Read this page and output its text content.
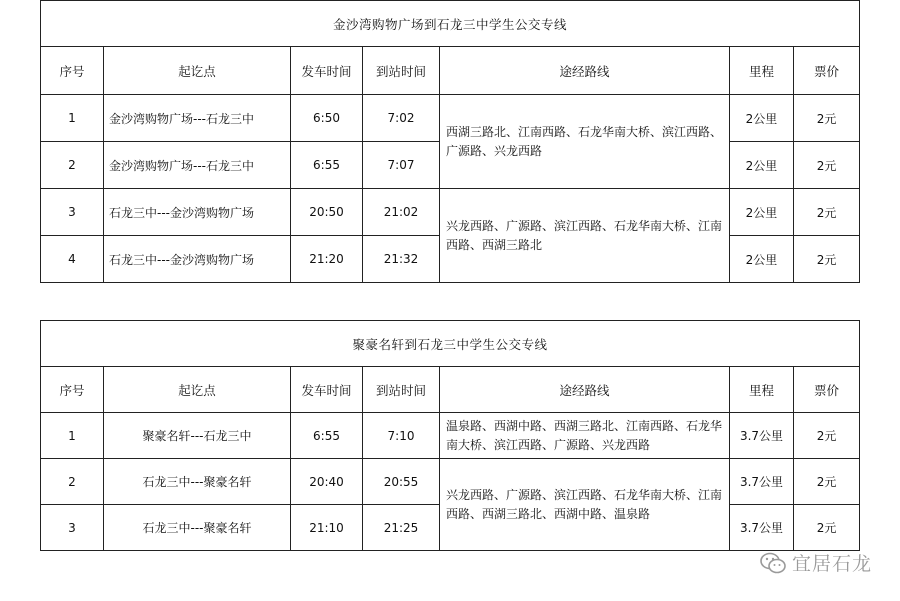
金沙湾购物广场到石龙三中学生公交专线						
序号	起讫点	发车时间	到站时间	途经路线	里程	票价
1	金沙湾购物广场---石龙三中	6:50	7:02	西湖三路北、江南西路、石龙华南大桥、滨江西路、广源路、兴龙西路	2公里	2元
2	金沙湾购物广场---石龙三中	6:55	7:07		2公里	2元
3	石龙三中---金沙湾购物广场	20:50	21:02	兴龙西路、广源路、滨江西路、石龙华南大桥、江南西路、西湖三路北	2公里	2元
4	石龙三中---金沙湾购物广场	21:20	21:32		2公里	2元
聚豪名轩到石龙三中学生公交专线						
序号	起讫点	发车时间	到站时间	途经路线	里程	票价
1	聚豪名轩---石龙三中	6:55	7:10	温泉路、西湖中路、西湖三路北、江南西路、石龙华南大桥、滨江西路、广源路、兴龙西路	3.7公里	2元
2	石龙三中---聚豪名轩	20:40	20:55	兴龙西路、广源路、滨江西路、石龙华南大桥、江南西路、西湖三路北、西湖中路、温泉路	3.7公里	2元
3	石龙三中---聚豪名轩	21:10	21:25		3.7公里	2元
宜居石龙
